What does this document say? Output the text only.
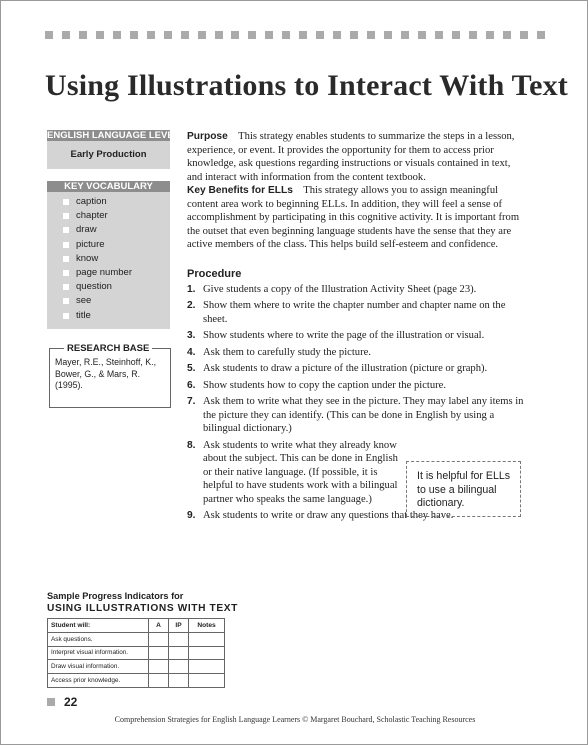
Using Illustrations to Interact With Text
ENGLISH LANGUAGE LEVEL
Early Production
KEY VOCABULARY
caption
chapter
draw
picture
know
page number
question
see
title
RESEARCH BASE
Mayer, R.E., Steinhoff, K., Bower, G., & Mars, R. (1995).

Purpose This strategy enables students to summarize the steps in a lesson, experience, or event. It provides the opportunity for them to access prior knowledge, ask questions regarding instructions or visuals contained in text, and interact with information from the content textbook.

Key Benefits for ELLs This strategy allows you to assign meaningful content area work to beginning ELLs. In addition, they will feel a sense of accomplishment by participating in this cognitive activity. It is important from the outset that even beginning language students have the sense that they are active members of the class. This helps build self-esteem and confidence.

Procedure
1. Give students a copy of the Illustration Activity Sheet (page 23).
2. Show them where to write the chapter number and chapter name on the sheet.
3. Show students where to write the page of the illustration or visual.
4. Ask them to carefully study the picture.
5. Ask students to draw a picture of the illustration (picture or graph).
6. Show students how to copy the caption under the picture.
7. Ask them to write what they see in the picture. They may label any items in the picture they can identify. (This can be done in English by using a bilingual dictionary.)
8. Ask students to write what they already know about the subject. This can be done in English or their native language. (If possible, it is helpful to have students work with a bilingual partner who speaks the same language.)
9. Ask students to write or draw any questions that they have.
It is helpful for ELLs to use a bilingual dictionary.
Sample Progress Indicators for
USING ILLUSTRATIONS WITH TEXT
Student will:	A	IP	Notes
Ask questions.			
Interpret visual information.			
Draw visual information.			
Access prior knowledge.			
22
Comprehension Strategies for English Language Learners © Margaret Bouchard, Scholastic Teaching Resources
